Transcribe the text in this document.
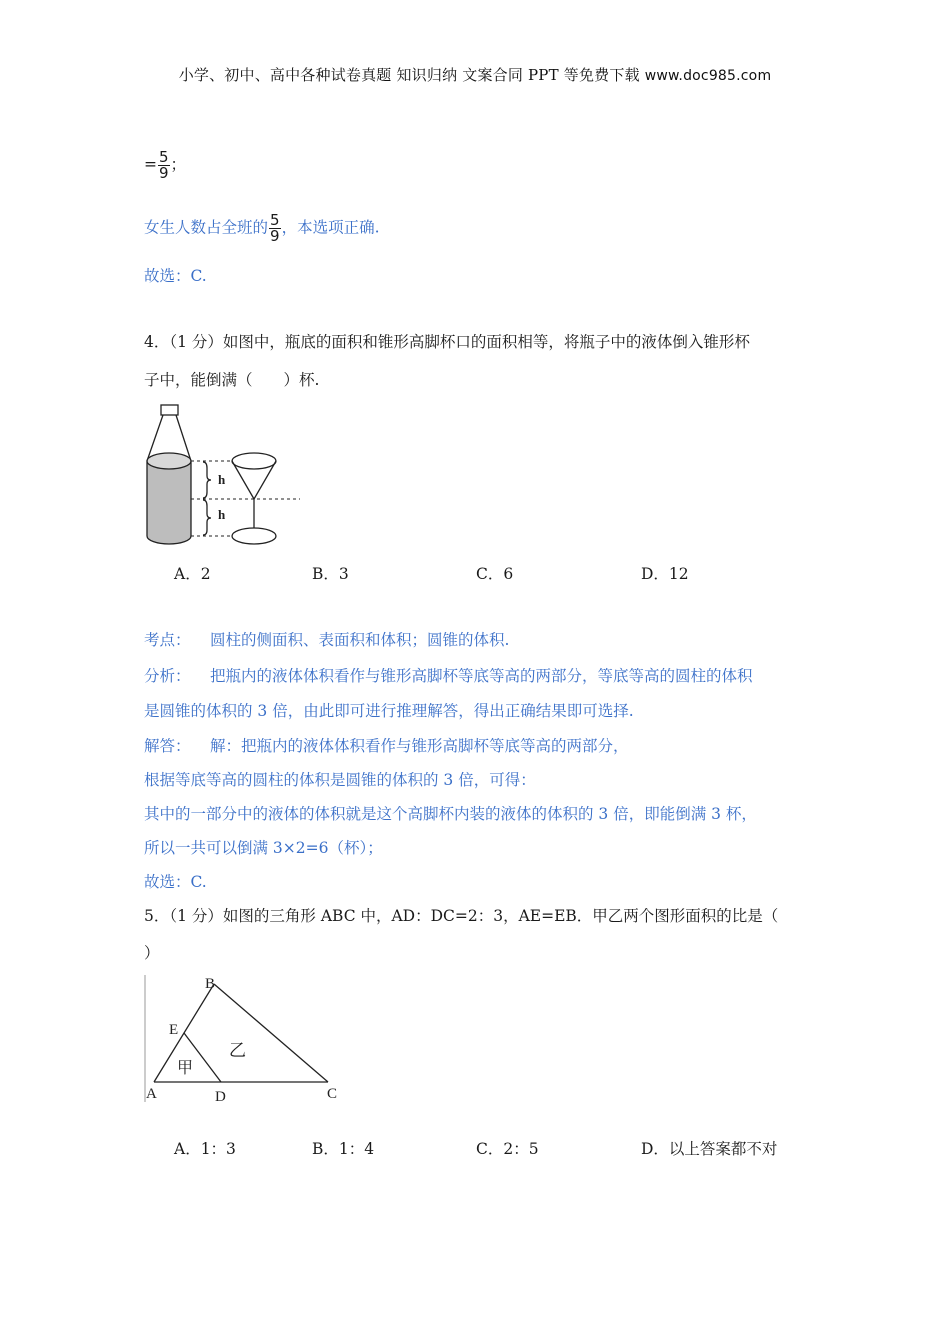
小学、初中、高中各种试卷真题 知识归纳 文案合同 PPT 等免费下载 www.doc985.com
= $\frac{5}{9}$ ；
女生人数占全班的 $\frac{5}{9}$ ，本选项正确.
故选：C.
4．（1 分）如图中，瓶底的面积和锥形高脚杯口的面积相等，将瓶子中的液体倒入锥形杯
子中，能倒满（　　）杯.
h
h
A．2	B．3	C．6	D．12
考点： 圆柱的侧面积、表面积和体积；圆锥的体积.
分析： 把瓶内的液体体积看作与锥形高脚杯等底等高的两部分，等底等高的圆柱的体积
是圆锥的体积的 3 倍，由此即可进行推理解答，得出正确结果即可选择.
解答： 解：把瓶内的液体体积看作与锥形高脚杯等底等高的两部分，
根据等底等高的圆柱的体积是圆锥的体积的 3 倍，可得：
其中的一部分中的液体的体积就是这个高脚杯内装的液体的体积的 3 倍，即能倒满 3 杯，
所以一共可以倒满 3×2=6（杯）；
故选：C.
5．（1 分）如图的三角形 ABC 中，AD：DC=2：3，AE=EB．甲乙两个图形面积的比是（
）
B
E
A	D	C
甲
乙
A．1：3	B．1：4	C．2：5	D．以上答案都不对
